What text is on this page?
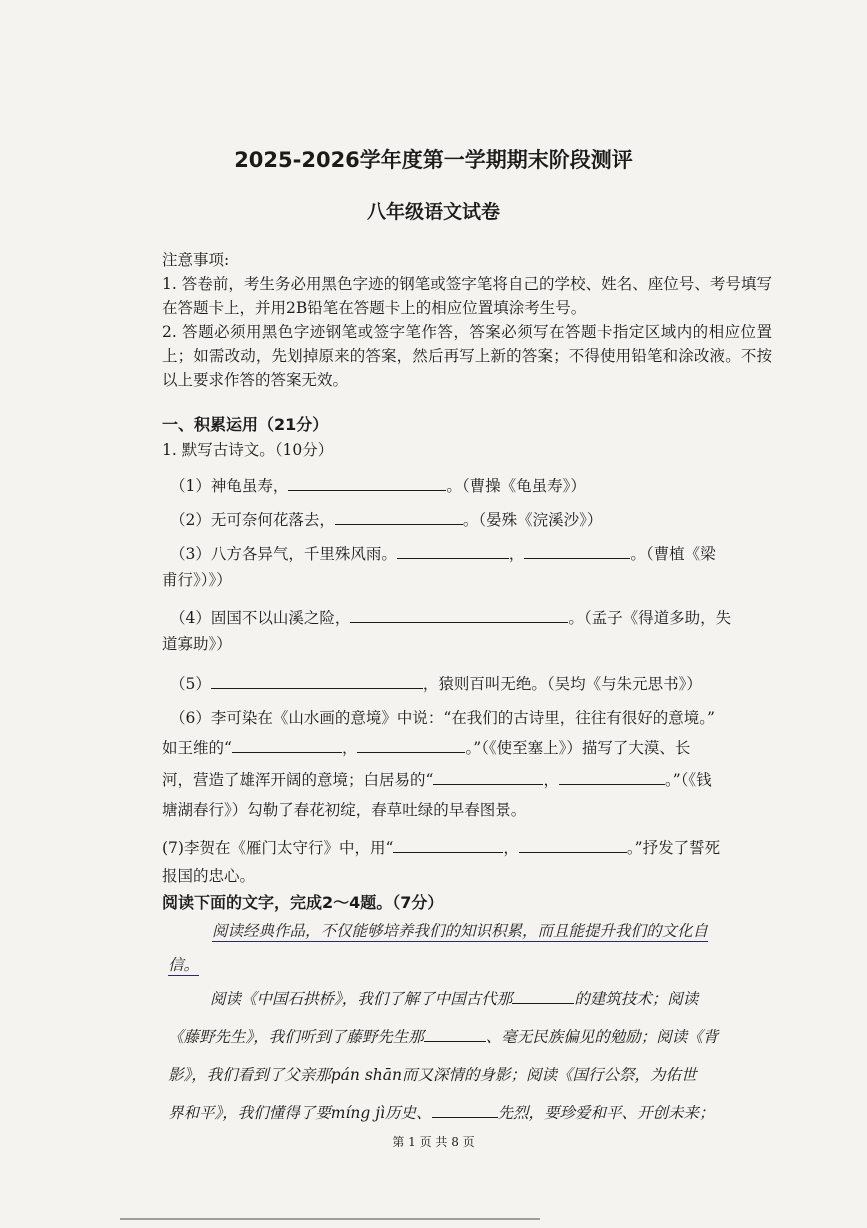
2025-2026学年度第一学期期末阶段测评
八年级语文试卷

注意事项:

1. 答卷前，考生务必用黑色字迹的钢笔或签字笔将自己的学校、姓名、座位号、考号填写在答题卡上，并用2B铅笔在答题卡上的相应位置填涂考生号。

2. 答题必须用黑色字迹钢笔或签字笔作答，答案必须写在答题卡指定区域内的相应位置上；如需改动，先划掉原来的答案，然后再写上新的答案；不得使用铅笔和涂改液。不按以上要求作答的答案无效。

一、积累运用（21分）
1. 默写古诗文。（10分）
（1）神龟虽寿，	。（曹操《龟虽寿》）
（2）无可奈何花落去，	。（晏殊《浣溪沙》）
（3）八方各异气，千里殊风雨。	，	。（曹植《梁
甫行》）》）
（4）固国不以山溪之险，	。（孟子《得道多助，失
道寡助》）
（5）	，猿则百叫无绝。（吴均《与朱元思书》）
（6）李可染在《山水画的意境》中说：“在我们的古诗里，往往有很好的意境。”
如王维的“	，	。”（《使至塞上》）描写了大漠、长
河，营造了雄浑开阔的意境；白居易的“	，	。”（《钱
塘湖春行》）勾勒了春花初绽，春草吐绿的早春图景。
(7)李贺在《雁门太守行》中，用“	，	。”抒发了誓死
报国的忠心。
阅读下面的文字，完成2～4题。（7分）
阅读经典作品，不仅能够培养我们的知识积累，而且能提升我们的文化自
信。
阅读《中国石拱桥》，我们了解了中国古代那	的建筑技术；阅读
《藤野先生》，我们听到了藤野先生那	、毫无民族偏见的勉励；阅读《背
影》，我们看到了父亲那pán shān而又深情的身影；阅读《国行公祭，为佑世
界和平》，我们懂得了要míng jì历史、	先烈，要珍爱和平、开创未来；
第 1 页 共 8 页
